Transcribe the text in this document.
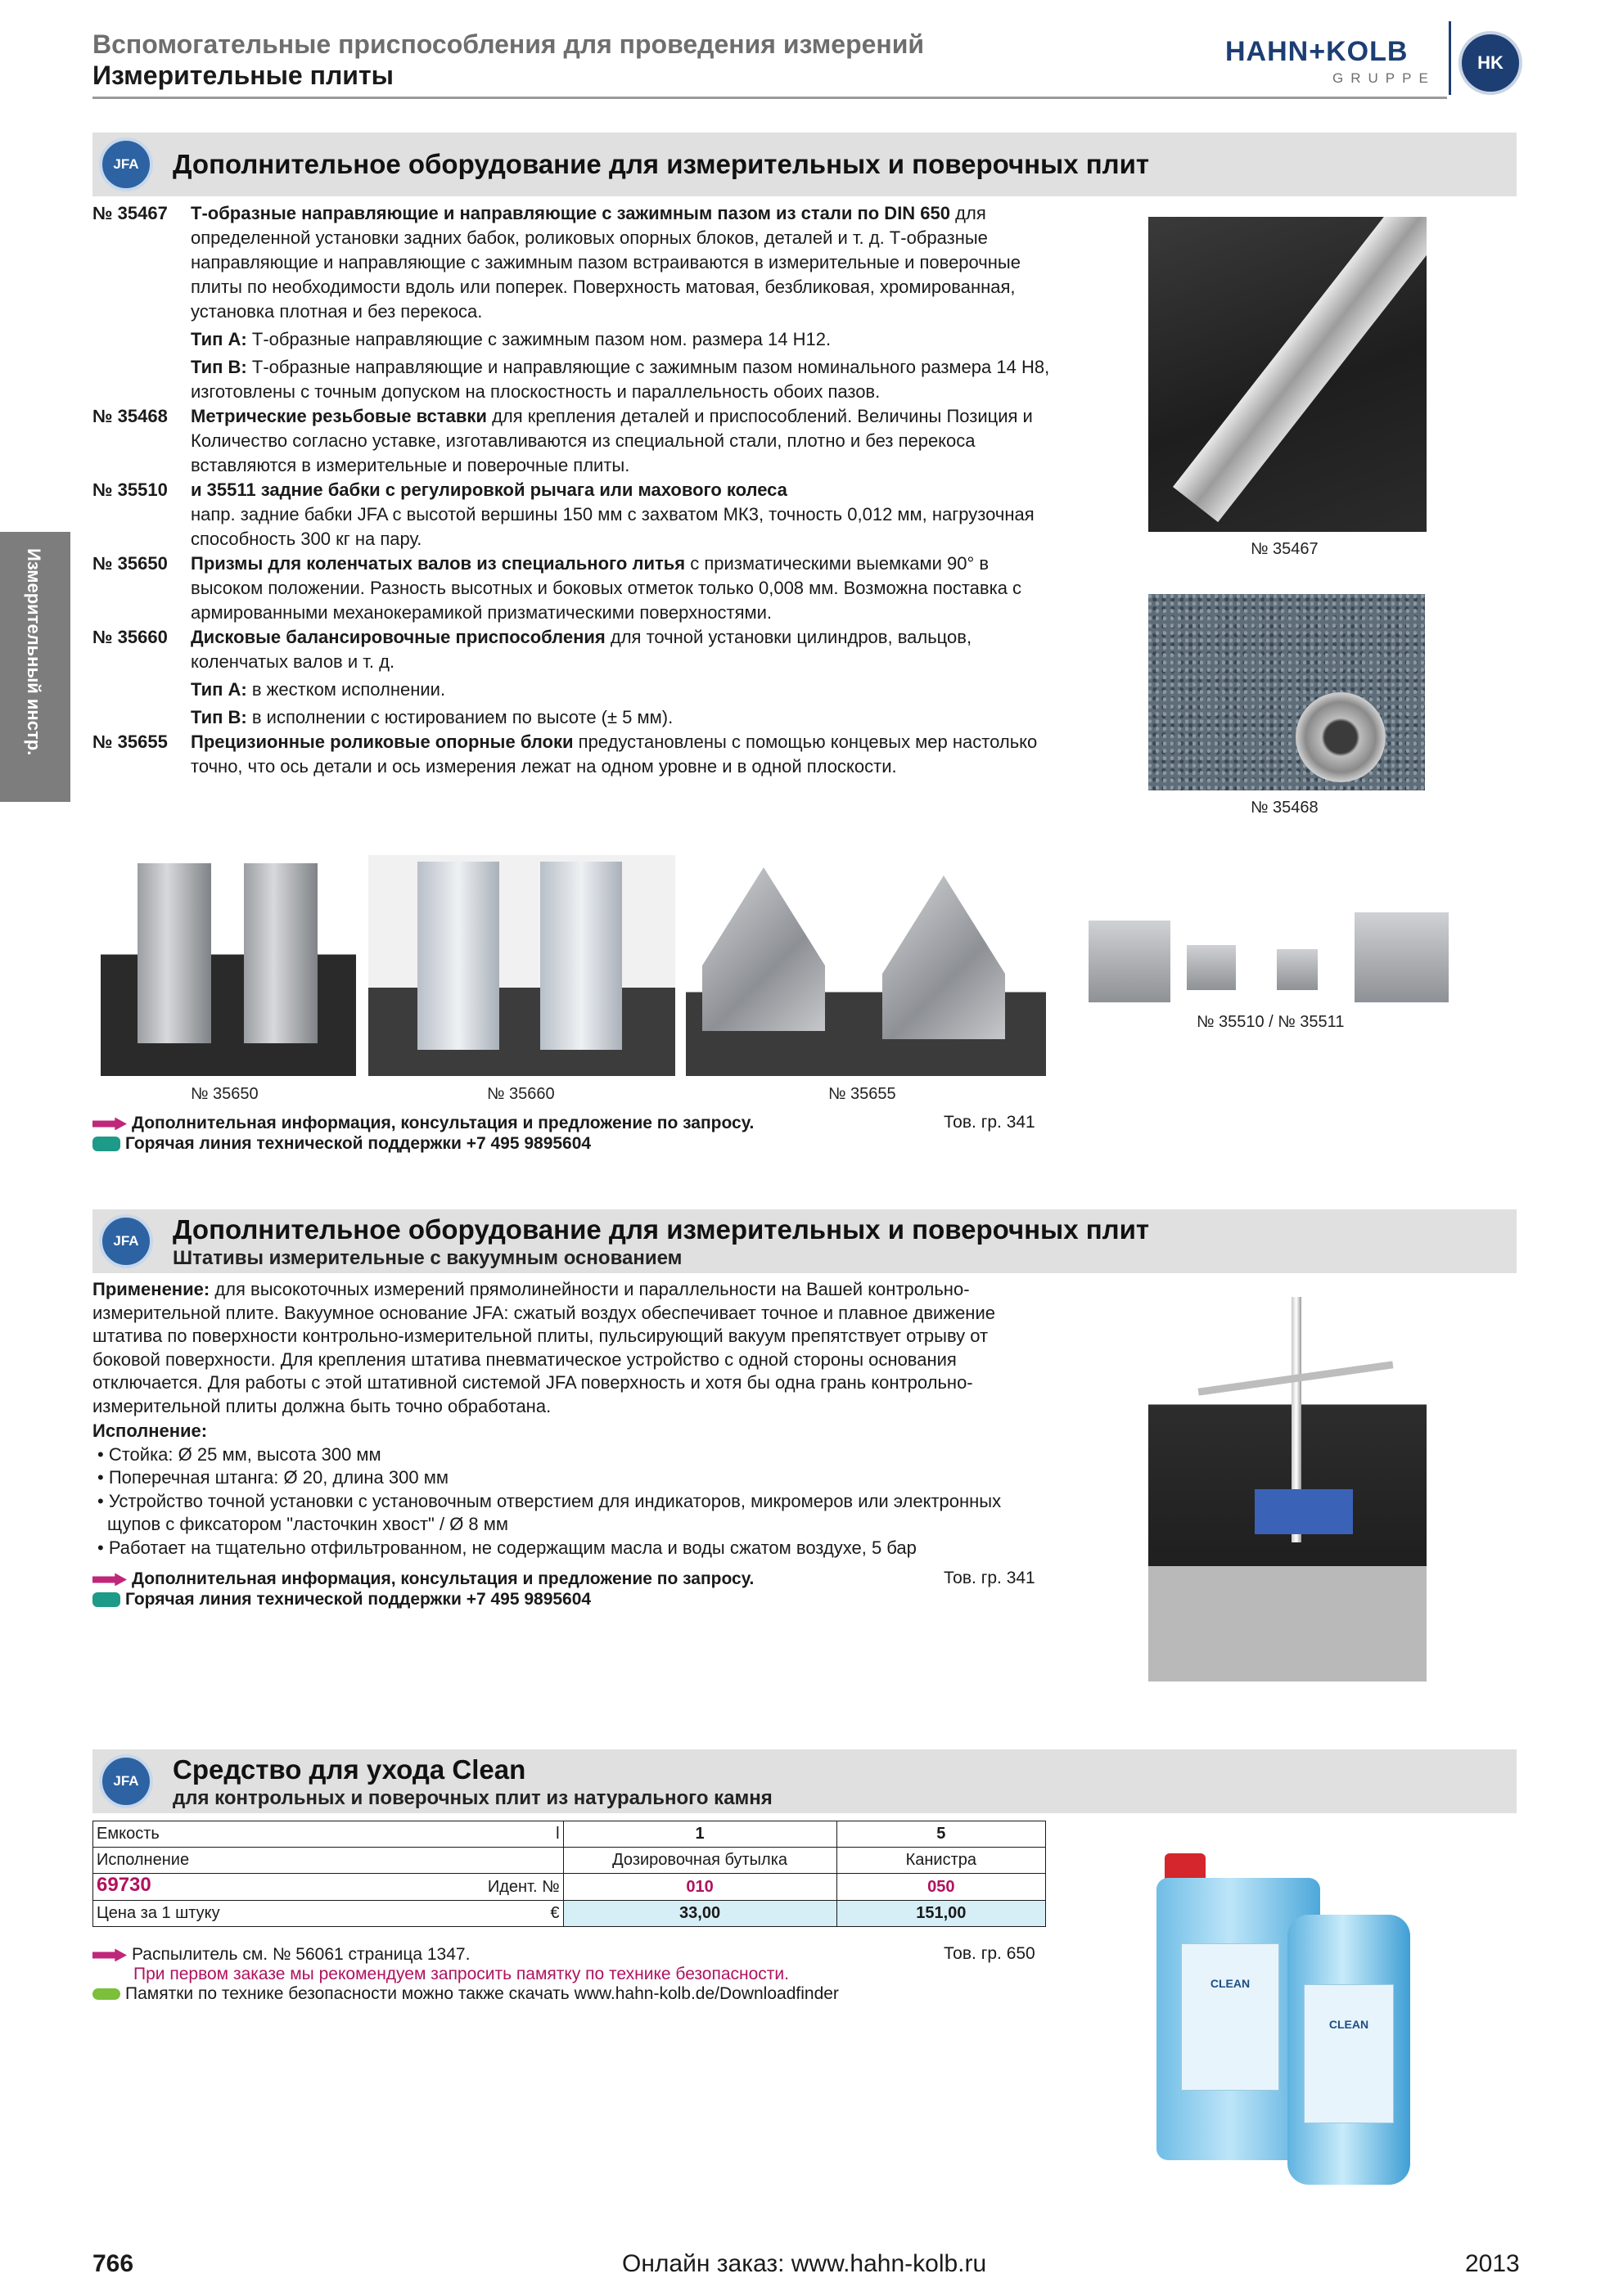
Вспомогательные приспособления для проведения измерений
Измерительные плиты
HAHN+KOLB
GRUPPE
HK
Измерительный инстр.
JFA	Дополнительное оборудование для измерительных и поверочных плит
№ 35467	Т-образные направляющие и направляющие с зажимным пазом из стали по DIN 650 для определенной установки задних бабок, роликовых опорных блоков, деталей и т. д. Т-образные направляющие и направляющие с зажимным пазом встраиваются в измерительные и поверочные плиты по необходимости вдоль или поперек. Поверхность матовая, безбликовая, хромированная, установка плотная и без перекоса.
Тип А: Т-образные направляющие с зажимным пазом ном. размера 14 H12.
Тип В: Т-образные направляющие и направляющие с зажимным пазом номинального размера 14 H8, изготовлены с точным допуском на плоскостность и параллельность обоих пазов.
№ 35468	Метрические резьбовые вставки для крепления деталей и приспособлений. Величины Позиция и Количество согласно уставке, изготавливаются из специальной стали, плотно и без перекоса вставляются в измерительные и поверочные плиты.
№ 35510	и 35511 задние бабки с регулировкой рычага или махового колеса
напр. задние бабки JFA с высотой вершины 150 мм с захватом МК3, точность 0,012 мм, нагрузочная способность 300 кг на пару.
№ 35650	Призмы для коленчатых валов из специального литья с призматическими выемками 90° в высоком положении. Разность высотных и боковых отметок только 0,008 мм. Возможна поставка с армированными механокерамикой призматическими поверхностями.
№ 35660	Дисковые балансировочные приспособления для точной установки цилиндров, вальцов, коленчатых валов и т. д.
Тип А: в жестком исполнении.
Тип В: в исполнении с юстированием по высоте (± 5 мм).
№ 35655	Прецизионные роликовые опорные блоки предустановлены с помощью концевых мер настолько точно, что ось детали и ось измерения лежат на одном уровне и в одной плоскости.
№ 35467
№ 35468
№ 35510 / № 35511
№ 35650	№ 35660	№ 35655
Дополнительная информация, консультация и предложение по запросу.
Горячая линия технической поддержки +7 495 9895604
Тов. гр. 341
JFA	Дополнительное оборудование для измерительных и поверочных плит
Штативы измерительные с вакуумным основанием
Применение: для высокоточных измерений прямолинейности и параллельности на Вашей контрольно-измерительной плите. Вакуумное основание JFA: сжатый воздух обеспечивает точное и плавное движение штатива по поверхности контрольно-измерительной плиты, пульсирующий вакуум препятствует отрыву от боковой поверхности. Для крепления штатива пневматическое устройство с одной стороны основания отключается. Для работы с этой штативной системой JFA поверхность и хотя бы одна грань контрольно-измерительной плиты должна быть точно обработана.
Исполнение:
• Стойка: Ø 25 мм, высота 300 мм
• Поперечная штанга: Ø 20, длина 300 мм
• Устройство точной установки с установочным отверстием для индикаторов, микромеров или электронных щупов с фиксатором "ласточкин хвост" / Ø 8 мм
• Работает на тщательно отфильтрованном, не содержащим масла и воды сжатом воздухе, 5 бар
Дополнительная информация, консультация и предложение по запросу.
Горячая линия технической поддержки +7 495 9895604
Тов. гр. 341
JFA	Средство для ухода Clean
для контрольных и поверочных плит из натурального камня
Емкость l	1	5
Исполнение	Дозировочная бутылка	Канистра
69730 Идент. №	010	050
Цена за 1 штуку €	33,00	151,00
Распылитель см. № 56061 страница 1347.
При первом заказе мы рекомендуем запросить памятку по технике безопасности.
Памятки по технике безопасности можно также скачать www.hahn-kolb.de/Downloadfinder
Тов. гр. 650
CLEAN
CLEAN
766	Онлайн заказ: www.hahn-kolb.ru	2013
